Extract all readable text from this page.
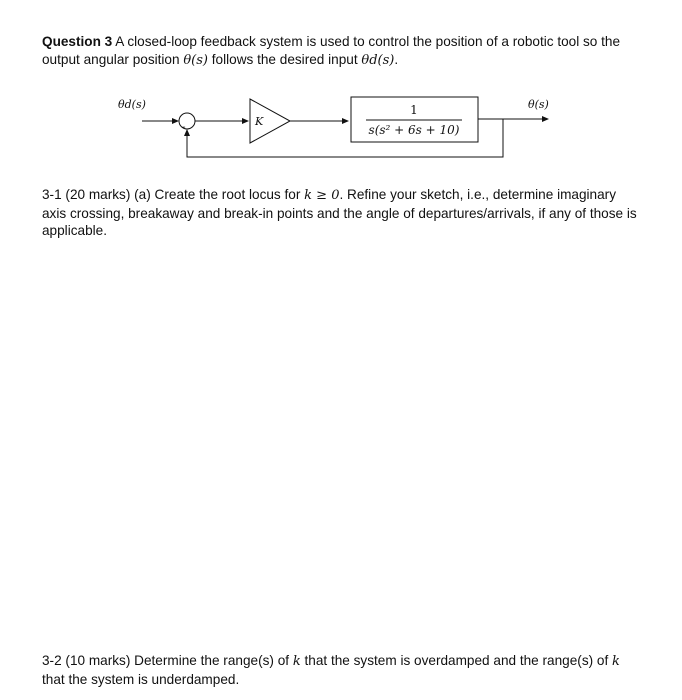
Question 3 A closed-loop feedback system is used to control the position of a robotic tool so the output angular position θ(s) follows the desired input θd(s).
θd(s)	θ(s)
-	K
1
s(s² + 6s + 10)
3-1 (20 marks) (a) Create the root locus for k ≥ 0. Refine your sketch, i.e., determine imaginary axis crossing, breakaway and break-in points and the angle of departures/arrivals, if any of those is applicable.
3-2 (10 marks) Determine the range(s) of k that the system is overdamped and the range(s) of k that the system is underdamped.
